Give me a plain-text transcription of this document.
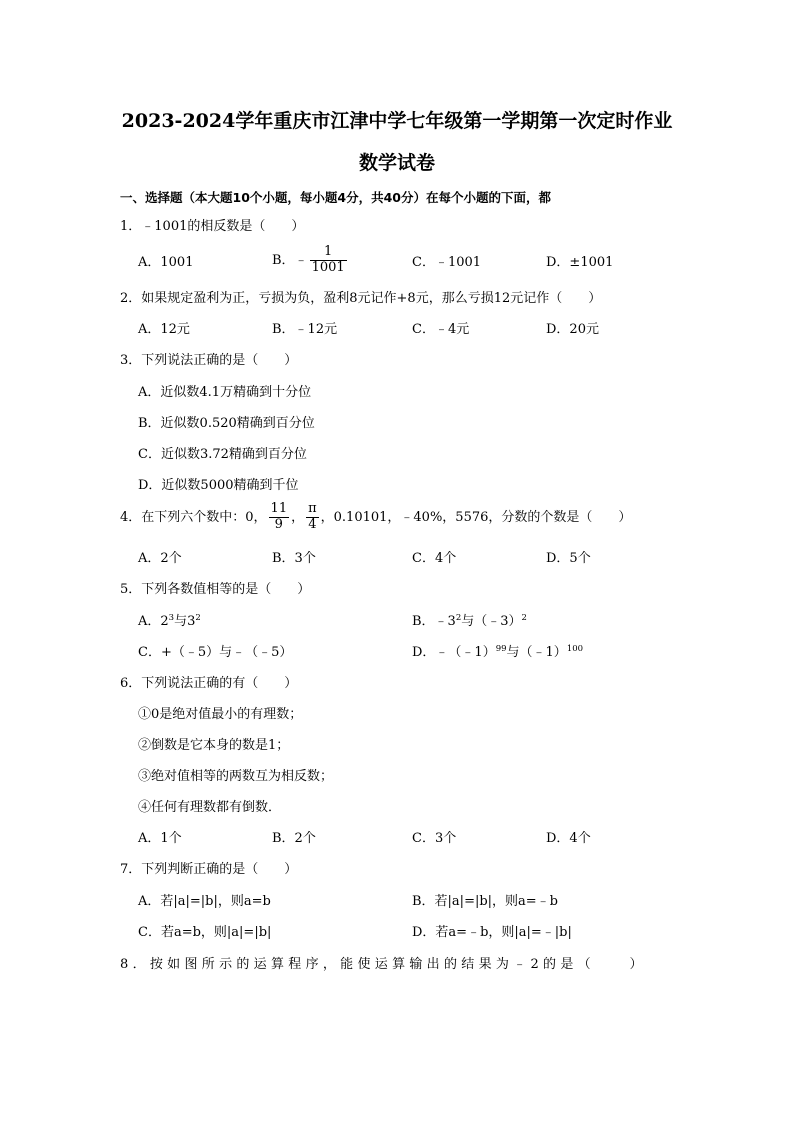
2023-2024学年重庆市江津中学七年级第一学期第一次定时作业
数学试卷
一、选择题（本大题10个小题，每小题4分，共40分）在每个小题的下面，都
1．﹣1001的相反数是（　　）
A．1001	B．﹣ $\frac{1}{1001}$	C．﹣1001	D．±1001
2．如果规定盈利为正，亏损为负，盈利8元记作+8元，那么亏损12元记作（　　）
A．12元	B．﹣12元	C．﹣4元	D．20元
3．下列说法正确的是（　　）
A．近似数4.1万精确到十分位
B．近似数0.520精确到百分位
C．近似数3.72精确到百分位
D．近似数5000精确到千位
4．在下列六个数中：0， $\frac{11}{9}$ ， $\frac{\pi}{4}$ ，0.10101，﹣40%，5576，分数的个数是（　　）
A．2个	B．3个	C．4个	D．5个
5．下列各数值相等的是（　　）
A．$2^3$与$3^2$	B．$﹣3^2$与（﹣3）$^2$
C．+（﹣5）与﹣（﹣5）	D．﹣（﹣1）$^{99}$与（﹣1）$^{100}$
6．下列说法正确的有（　　）
①0是绝对值最小的有理数；
②倒数是它本身的数是1；
③绝对值相等的两数互为相反数；
④任何有理数都有倒数．
A．1个	B．2个	C．3个	D．4个
7．下列判断正确的是（　　）
A．若|a|=|b|，则a=b	B．若|a|=|b|，则a=﹣b
C．若a=b，则|a|=|b|	D．若a=﹣b，则|a|=﹣|b|
8．按如图所示的运算程序，能使运算输出的结果为﹣2的是（　　）
